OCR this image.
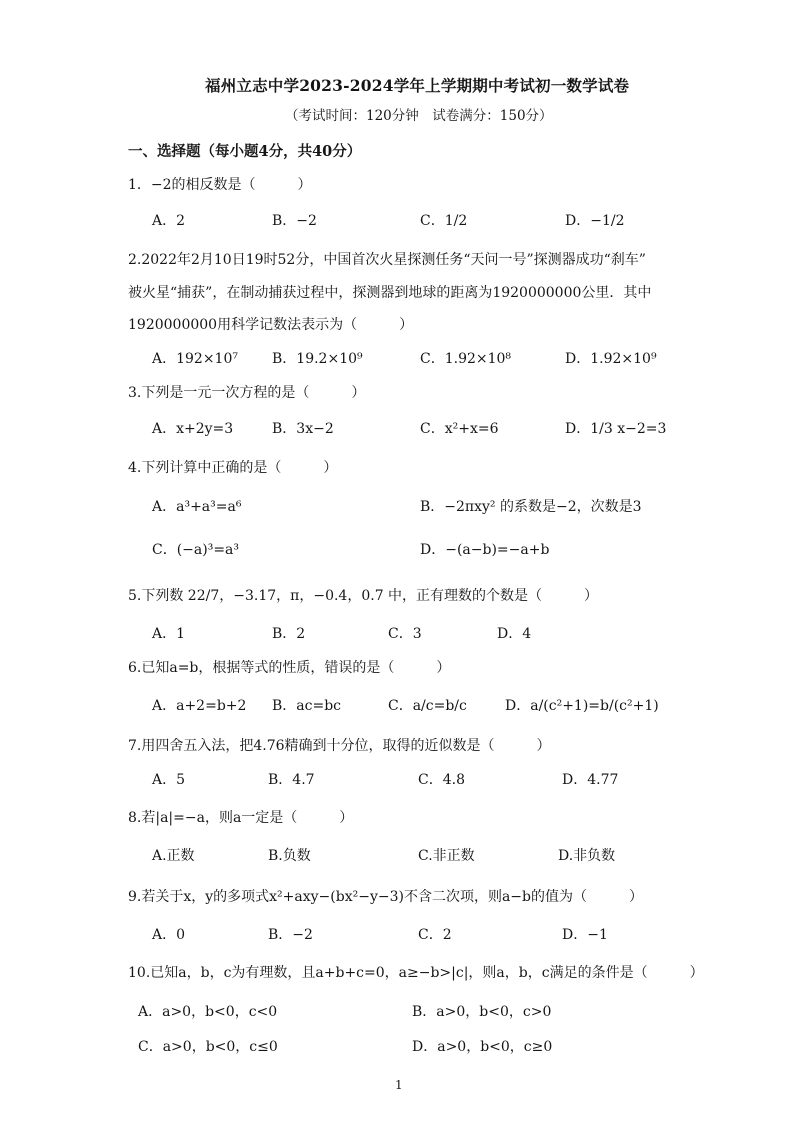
福州立志中学2023-2024学年上学期期中考试初一数学试卷
（考试时间：120分钟　试卷满分：150分）
一、选择题（每小题4分，共40分）
1．−2的相反数是（　　　）
A．2	B．−2	C．1/2	D．−1/2
2.2022年2月10日19时52分，中国首次火星探测任务“天问一号”探测器成功“刹车”
被火星“捕获”，在制动捕获过程中，探测器到地球的距离为1920000000公里．其中
1920000000用科学记数法表示为（　　　）
A．192×10⁷ B．19.2×10⁹	C．1.92×10⁸	D．1.92×10⁹
3.下列是一元一次方程的是（　　　）
A．x+2y=3	B．3x−2	C．x²+x=6	D．1/3 x−2=3
4.下列计算中正确的是（　　　）
A．a³+a³=a⁶	B．−2πxy² 的系数是−2，次数是3
C．(−a)³=a³	D．−(a−b)=−a+b
5.下列数 22/7，−3.17，π，−0.4，0.7 中，正有理数的个数是（　　　）
A．1	B．2	C．3	D．4
6.已知a=b，根据等式的性质，错误的是（　　　）
A．a+2=b+2 B．ac=bc	C．a/c=b/c	D．a/(c²+1)=b/(c²+1)
7.用四舍五入法，把4.76精确到十分位，取得的近似数是（　　　）
A．5	B．4.7	C．4.8	D．4.77
8.若|a|=−a，则a一定是（　　　）
A.正数	B.负数	C.非正数	D.非负数
9.若关于x，y的多项式x²+axy−(bx²−y−3)不含二次项，则a−b的值为（　　　）
A．0	B．−2	C．2	D．−1
10.已知a，b，c为有理数，且a+b+c=0，a≥−b>|c|，则a，b，c满足的条件是（　　　）
A．a>0，b<0，c<0	B．a>0，b<0，c>0
C．a>0，b<0，c≤0	D．a>0，b<0，c≥0
1
